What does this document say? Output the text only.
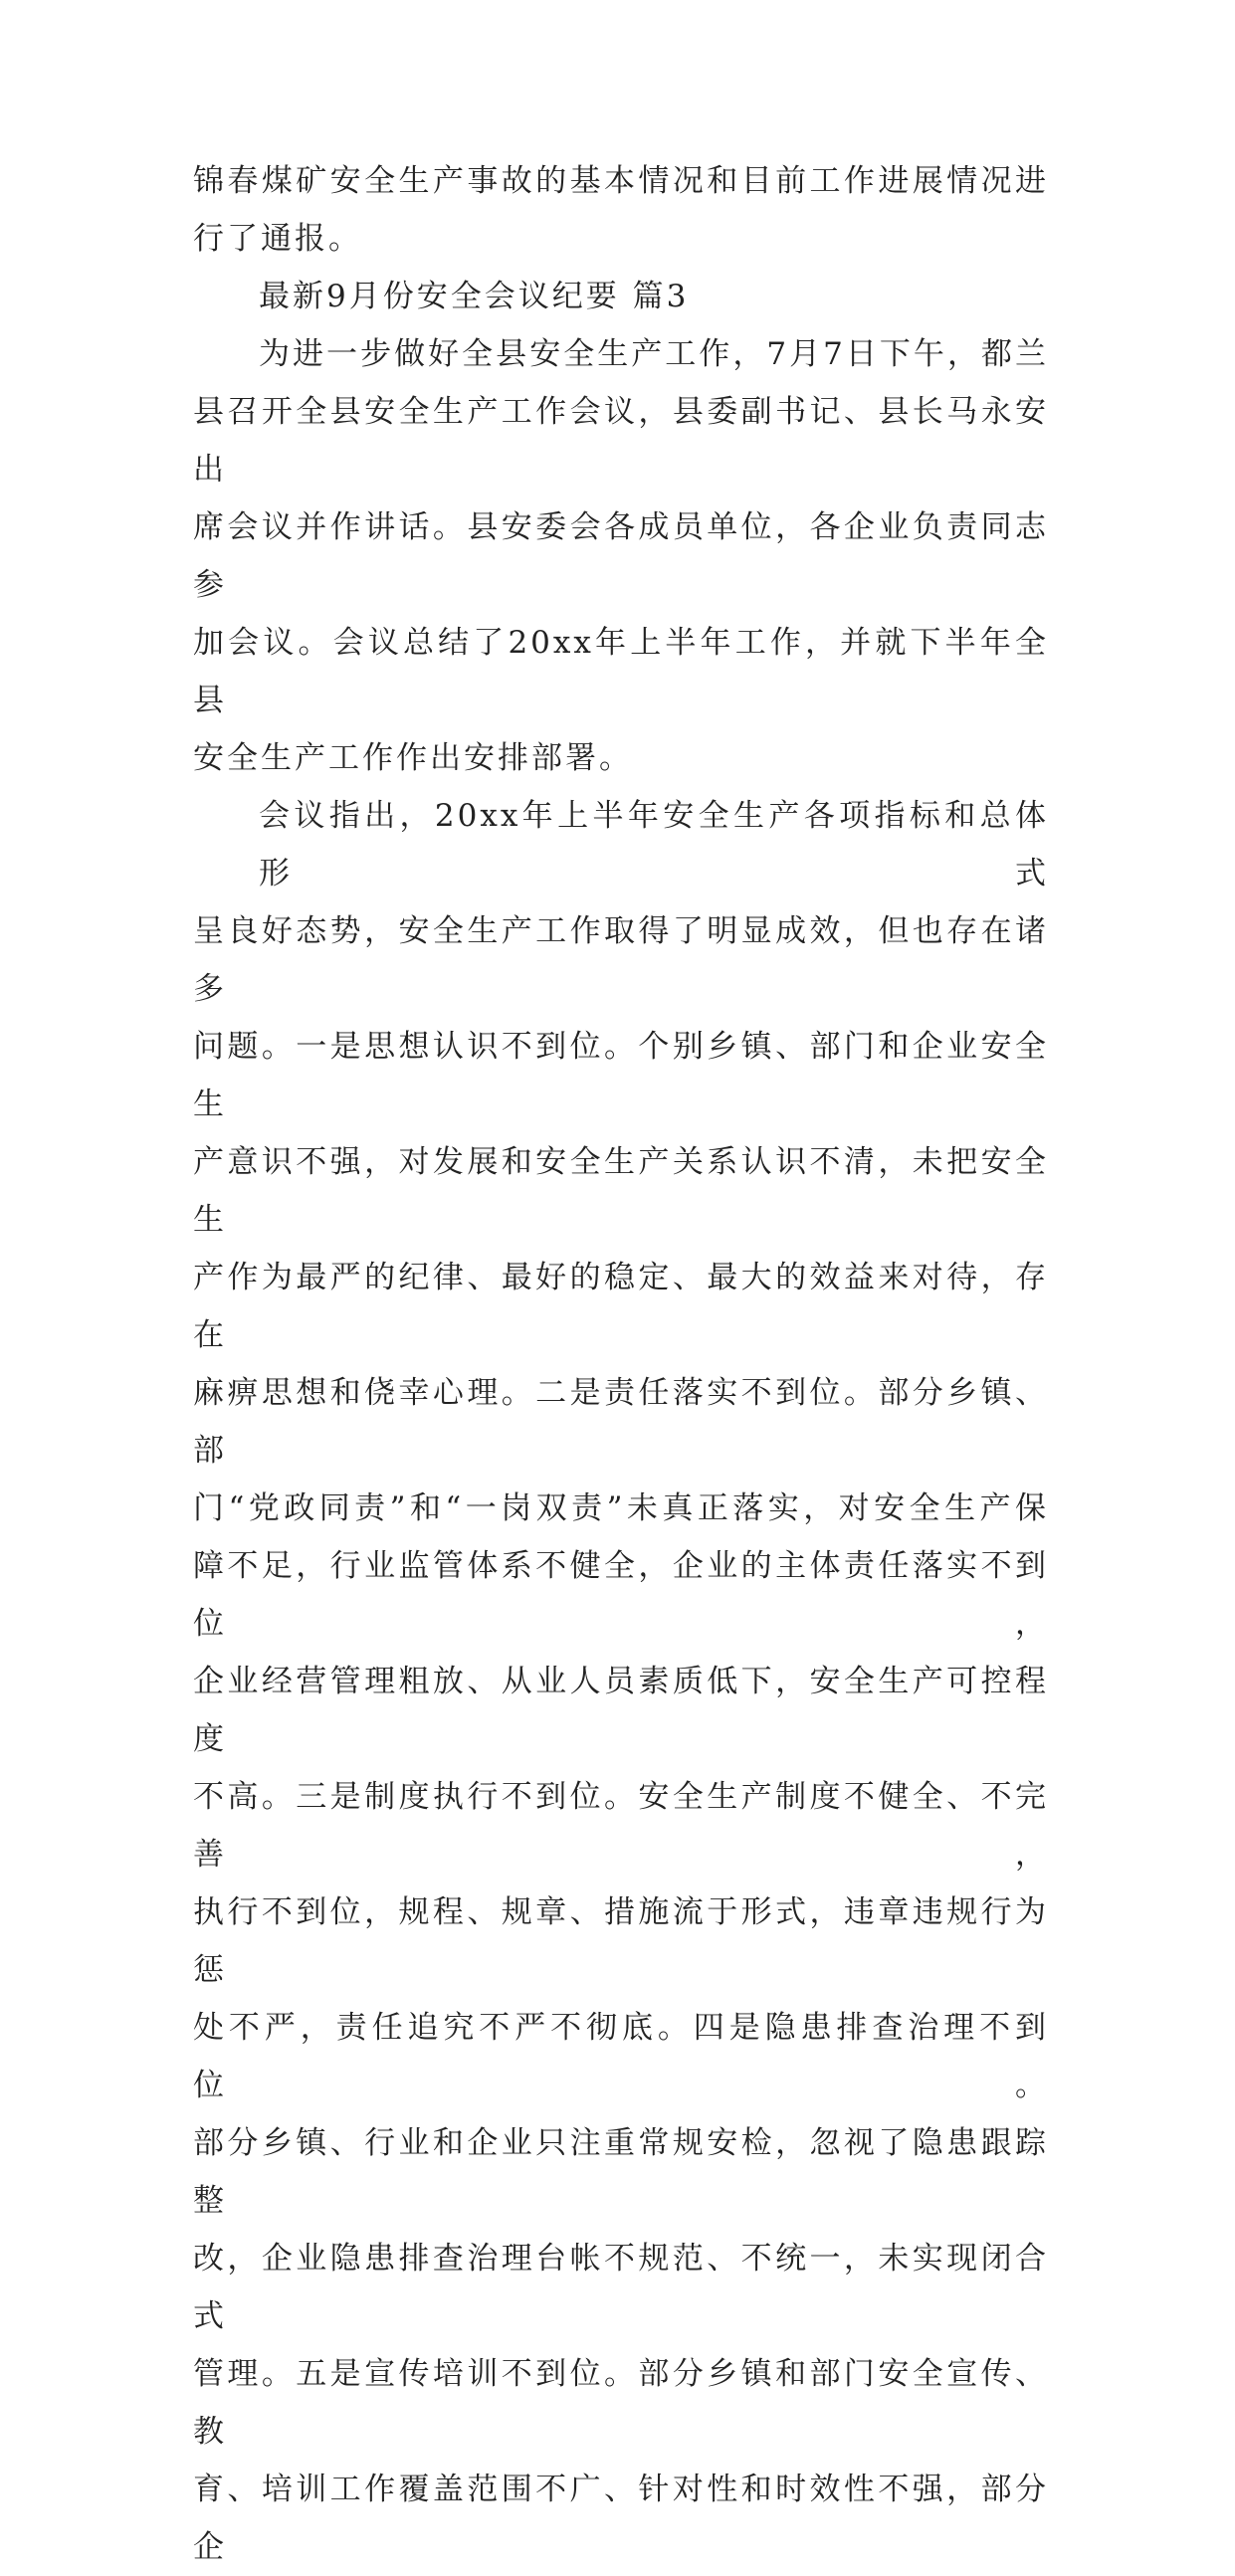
锦春煤矿安全生产事故的基本情况和目前工作进展情况进
行了通报。
最新9月份安全会议纪要 篇3
为进一步做好全县安全生产工作，7月7日下午，都兰
县召开全县安全生产工作会议，县委副书记、县长马永安出
席会议并作讲话。县安委会各成员单位，各企业负责同志参
加会议。会议总结了20xx年上半年工作，并就下半年全县
安全生产工作作出安排部署。
会议指出，20xx年上半年安全生产各项指标和总体形式
呈良好态势，安全生产工作取得了明显成效，但也存在诸多
问题。一是思想认识不到位。个别乡镇、部门和企业安全生
产意识不强，对发展和安全生产关系认识不清，未把安全生
产作为最严的纪律、最好的稳定、最大的效益来对待，存在
麻痹思想和侥幸心理。二是责任落实不到位。部分乡镇、部
门“党政同责”和“一岗双责”未真正落实，对安全生产保
障不足，行业监管体系不健全，企业的主体责任落实不到位，
企业经营管理粗放、从业人员素质低下，安全生产可控程度
不高。三是制度执行不到位。安全生产制度不健全、不完善，
执行不到位，规程、规章、措施流于形式，违章违规行为惩
处不严，责任追究不严不彻底。四是隐患排查治理不到位。
部分乡镇、行业和企业只注重常规安检，忽视了隐患跟踪整
改，企业隐患排查治理台帐不规范、不统一，未实现闭合式
管理。五是宣传培训不到位。部分乡镇和部门安全宣传、教
育、培训工作覆盖范围不广、针对性和时效性不强，部分企
